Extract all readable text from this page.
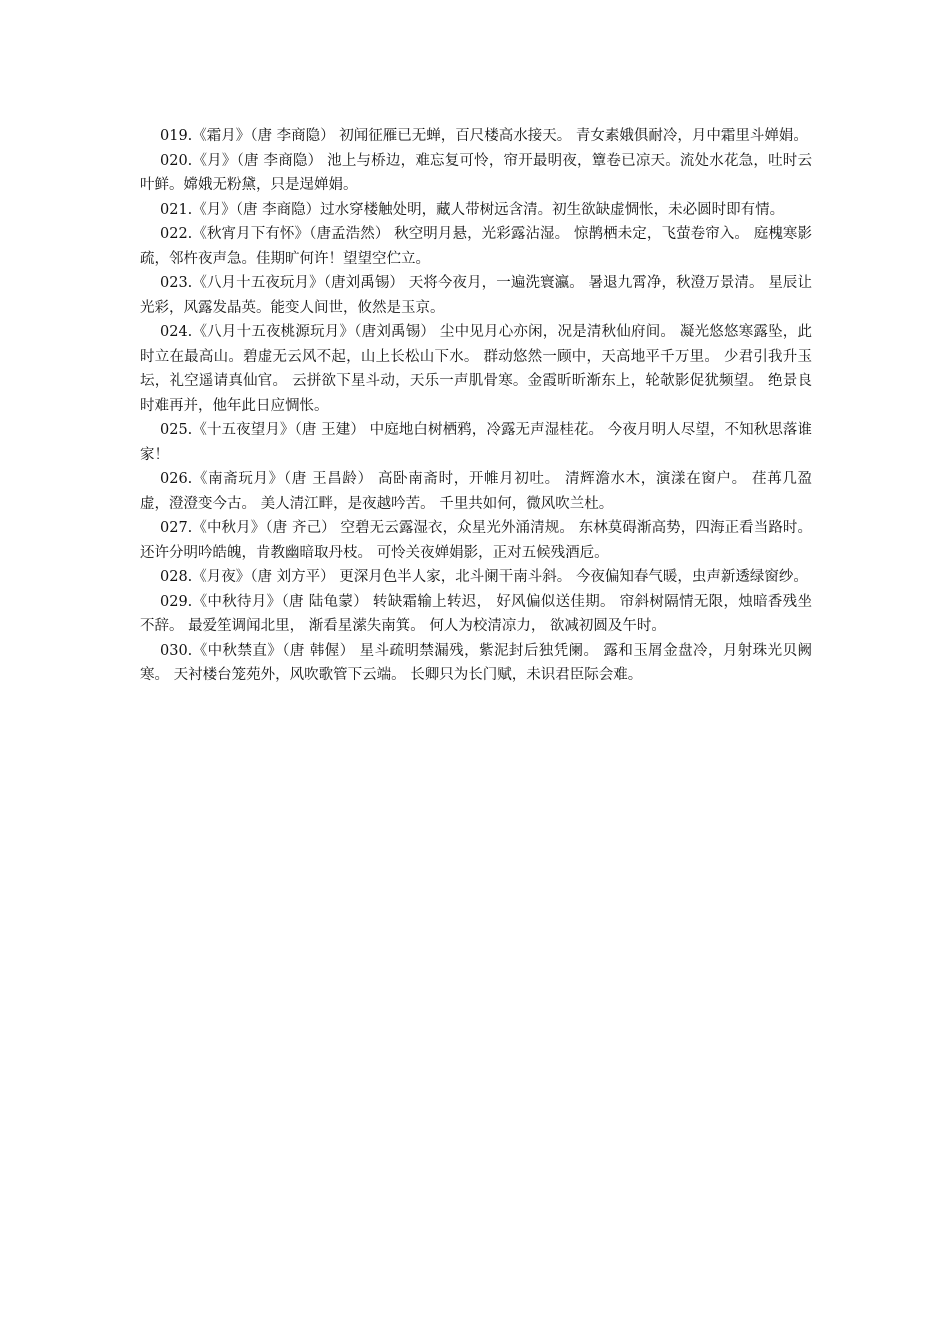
019.《霜月》（唐 李商隐） 初闻征雁已无蝉，百尺楼高水接天。 青女素娥俱耐冷，月中霜里斗婵娟。

020.《月》（唐 李商隐） 池上与桥边，难忘复可怜，帘开最明夜，簟卷已凉天。流处水花急，吐时云叶鲜。嫦娥无粉黛，只是逞婵娟。

021.《月》（唐 李商隐）过水穿楼触处明，藏人带树远含清。初生欲缺虚惆怅，未必圆时即有情。

022.《秋宵月下有怀》（唐孟浩然） 秋空明月悬，光彩露沾湿。 惊鹊栖未定，飞萤卷帘入。 庭槐寒影疏，邻杵夜声急。佳期旷何许！望望空伫立。

023.《八月十五夜玩月》（唐刘禹锡） 天将今夜月，一遍洗寰瀛。 暑退九霄净，秋澄万景清。 星辰让光彩，风露发晶英。能变人间世，攸然是玉京。

024.《八月十五夜桃源玩月》（唐刘禹锡） 尘中见月心亦闲，况是清秋仙府间。 凝光悠悠寒露坠，此时立在最高山。碧虚无云风不起，山上长松山下水。 群动悠然一顾中，天高地平千万里。 少君引我升玉坛，礼空遥请真仙官。 云拼欲下星斗动，天乐一声肌骨寒。金霞昕昕渐东上，轮欹影促犹频望。 绝景良时难再并，他年此日应惆怅。

025.《十五夜望月》（唐 王建） 中庭地白树栖鸦，冷露无声湿桂花。 今夜月明人尽望，不知秋思落谁家！

026.《南斋玩月》（唐 王昌龄） 高卧南斋时，开帷月初吐。 清辉澹水木，演漾在窗户。 荏苒几盈虚，澄澄变今古。 美人清江畔，是夜越吟苦。 千里共如何，微风吹兰杜。

027.《中秋月》（唐 齐己） 空碧无云露湿衣，众星光外涌清规。 东林莫碍渐高势，四海正看当路时。 还许分明吟皓魄，肯教幽暗取丹枝。 可怜关夜婵娟影，正对五候残酒卮。

028.《月夜》（唐 刘方平） 更深月色半人家，北斗阑干南斗斜。 今夜偏知春气暖，虫声新透绿窗纱。

029.《中秋待月》（唐 陆龟蒙） 转缺霜输上转迟， 好风偏似送佳期。 帘斜树隔情无限，烛暗香残坐不辞。 最爱笙调闻北里， 渐看星潆失南箕。 何人为校清凉力， 欲减初圆及午时。

030.《中秋禁直》（唐 韩偓） 星斗疏明禁漏残，紫泥封后独凭阑。 露和玉屑金盘冷，月射珠光贝阙寒。 天衬楼台笼苑外，风吹歌管下云端。 长卿只为长门赋，未识君臣际会难。
